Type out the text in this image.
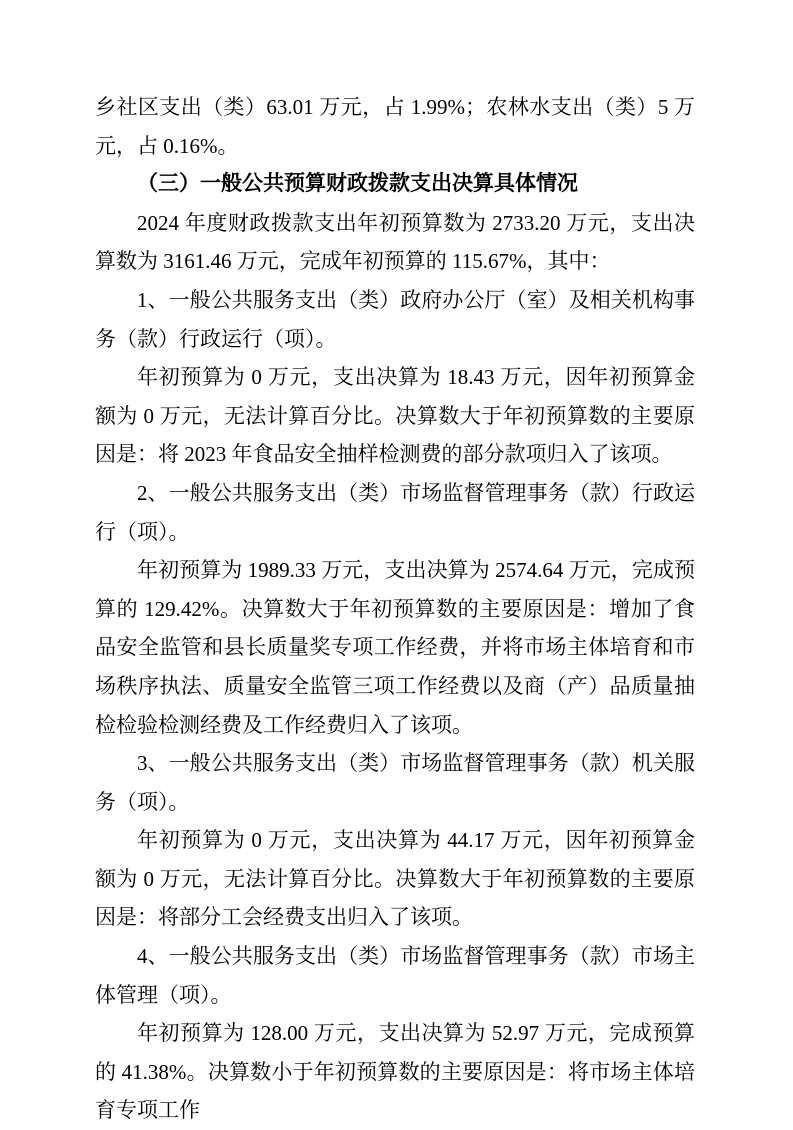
乡社区支出（类）63.01 万元，占 1.99%；农林水支出（类）5 万元，占 0.16%。

（三）一般公共预算财政拨款支出决算具体情况

2024 年度财政拨款支出年初预算数为 2733.20 万元，支出决算数为 3161.46 万元，完成年初预算的 115.67%，其中：

1、一般公共服务支出（类）政府办公厅（室）及相关机构事务（款）行政运行（项）。

年初预算为 0 万元，支出决算为 18.43 万元，因年初预算金额为 0 万元，无法计算百分比。决算数大于年初预算数的主要原因是：将 2023 年食品安全抽样检测费的部分款项归入了该项。

2、一般公共服务支出（类）市场监督管理事务（款）行政运行（项）。

年初预算为 1989.33 万元，支出决算为 2574.64 万元，完成预算的 129.42%。决算数大于年初预算数的主要原因是：增加了食品安全监管和县长质量奖专项工作经费，并将市场主体培育和市场秩序执法、质量安全监管三项工作经费以及商（产）品质量抽检检验检测经费及工作经费归入了该项。

3、一般公共服务支出（类）市场监督管理事务（款）机关服务（项）。

年初预算为 0 万元，支出决算为 44.17 万元，因年初预算金额为 0 万元，无法计算百分比。决算数大于年初预算数的主要原因是：将部分工会经费支出归入了该项。

4、一般公共服务支出（类）市场监督管理事务（款）市场主体管理（项）。

年初预算为 128.00 万元，支出决算为 52.97 万元，完成预算的 41.38%。决算数小于年初预算数的主要原因是：将市场主体培育专项工作
